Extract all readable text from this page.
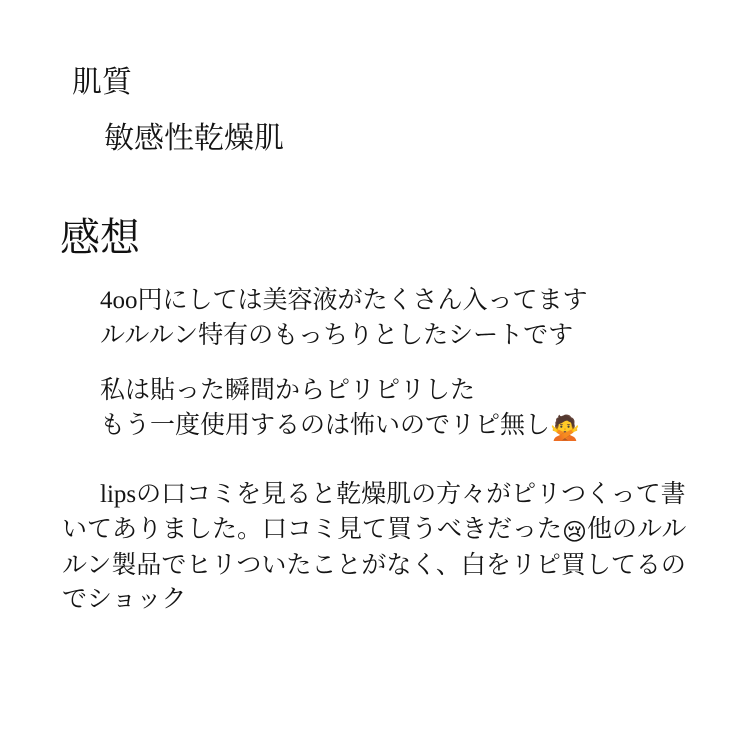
肌質
敏感性乾燥肌
感想
4oo円にしては美容液がたくさん入ってます
ルルルン特有のもっちりとしたシートです
私は貼った瞬間からピリピリした
もう一度使用するのは怖いのでリピ無し🙅
lipsの口コミを見ると乾燥肌の方々がピリつくって書いてありました。口コミ見て買うべきだった😢他のルルルン製品でヒリついたことがなく、白をリピ買してるのでショック
